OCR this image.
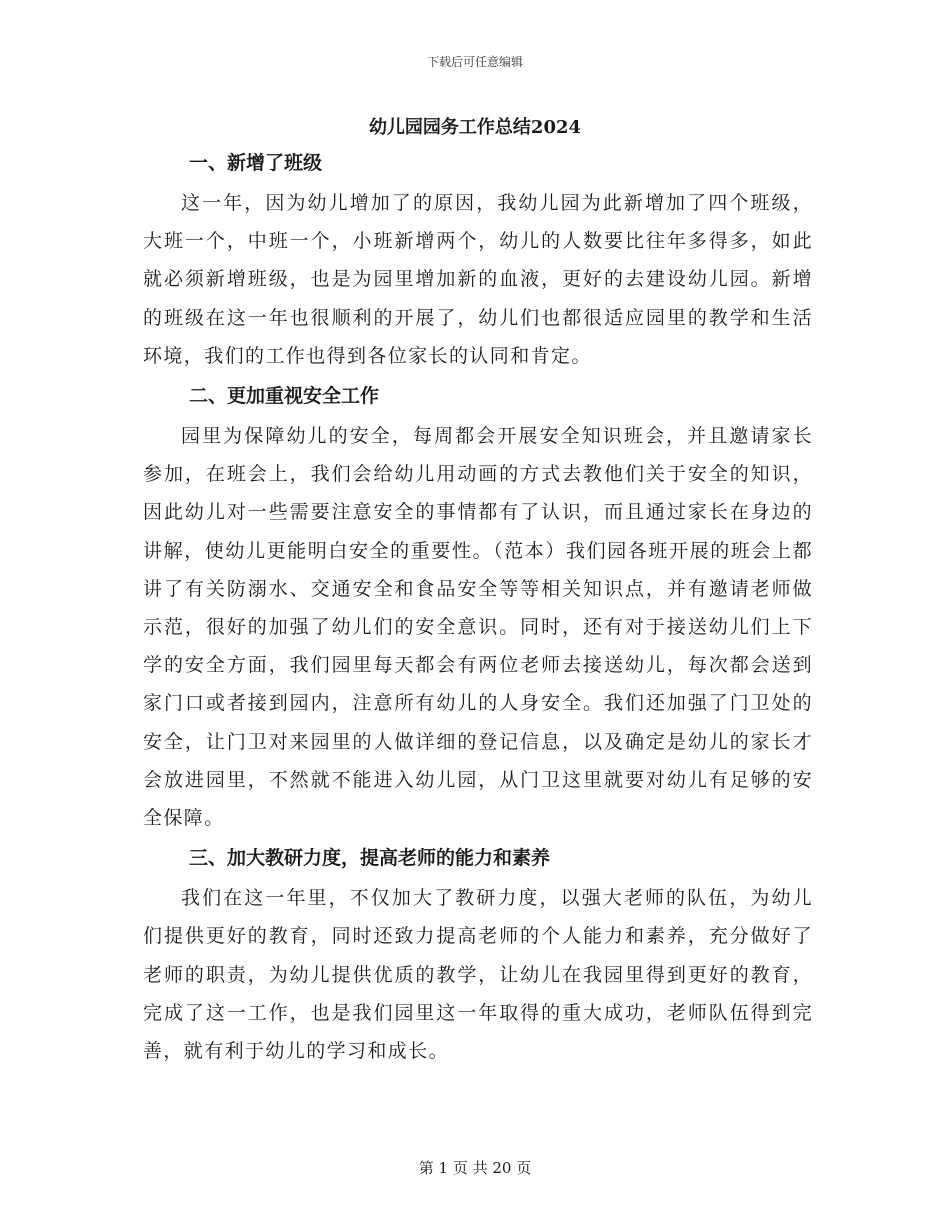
下载后可任意编辑
幼儿园园务工作总结2024
一、新增了班级

这一年，因为幼儿增加了的原因，我幼儿园为此新增加了四个班级，大班一个，中班一个，小班新增两个，幼儿的人数要比往年多得多，如此就必须新增班级，也是为园里增加新的血液，更好的去建设幼儿园。新增的班级在这一年也很顺利的开展了，幼儿们也都很适应园里的教学和生活环境，我们的工作也得到各位家长的认同和肯定。

二、更加重视安全工作

园里为保障幼儿的安全，每周都会开展安全知识班会，并且邀请家长参加，在班会上，我们会给幼儿用动画的方式去教他们关于安全的知识，因此幼儿对一些需要注意安全的事情都有了认识，而且通过家长在身边的讲解，使幼儿更能明白安全的重要性。（范本）我们园各班开展的班会上都讲了有关防溺水、交通安全和食品安全等等相关知识点，并有邀请老师做示范，很好的加强了幼儿们的安全意识。同时，还有对于接送幼儿们上下学的安全方面，我们园里每天都会有两位老师去接送幼儿，每次都会送到家门口或者接到园内，注意所有幼儿的人身安全。我们还加强了门卫处的安全，让门卫对来园里的人做详细的登记信息，以及确定是幼儿的家长才会放进园里，不然就不能进入幼儿园，从门卫这里就要对幼儿有足够的安全保障。

三、加大教研力度，提高老师的能力和素养

我们在这一年里，不仅加大了教研力度，以强大老师的队伍，为幼儿们提供更好的教育，同时还致力提高老师的个人能力和素养，充分做好了老师的职责，为幼儿提供优质的教学，让幼儿在我园里得到更好的教育，完成了这一工作，也是我们园里这一年取得的重大成功，老师队伍得到完善，就有利于幼儿的学习和成长。

第 1 页 共 20 页
